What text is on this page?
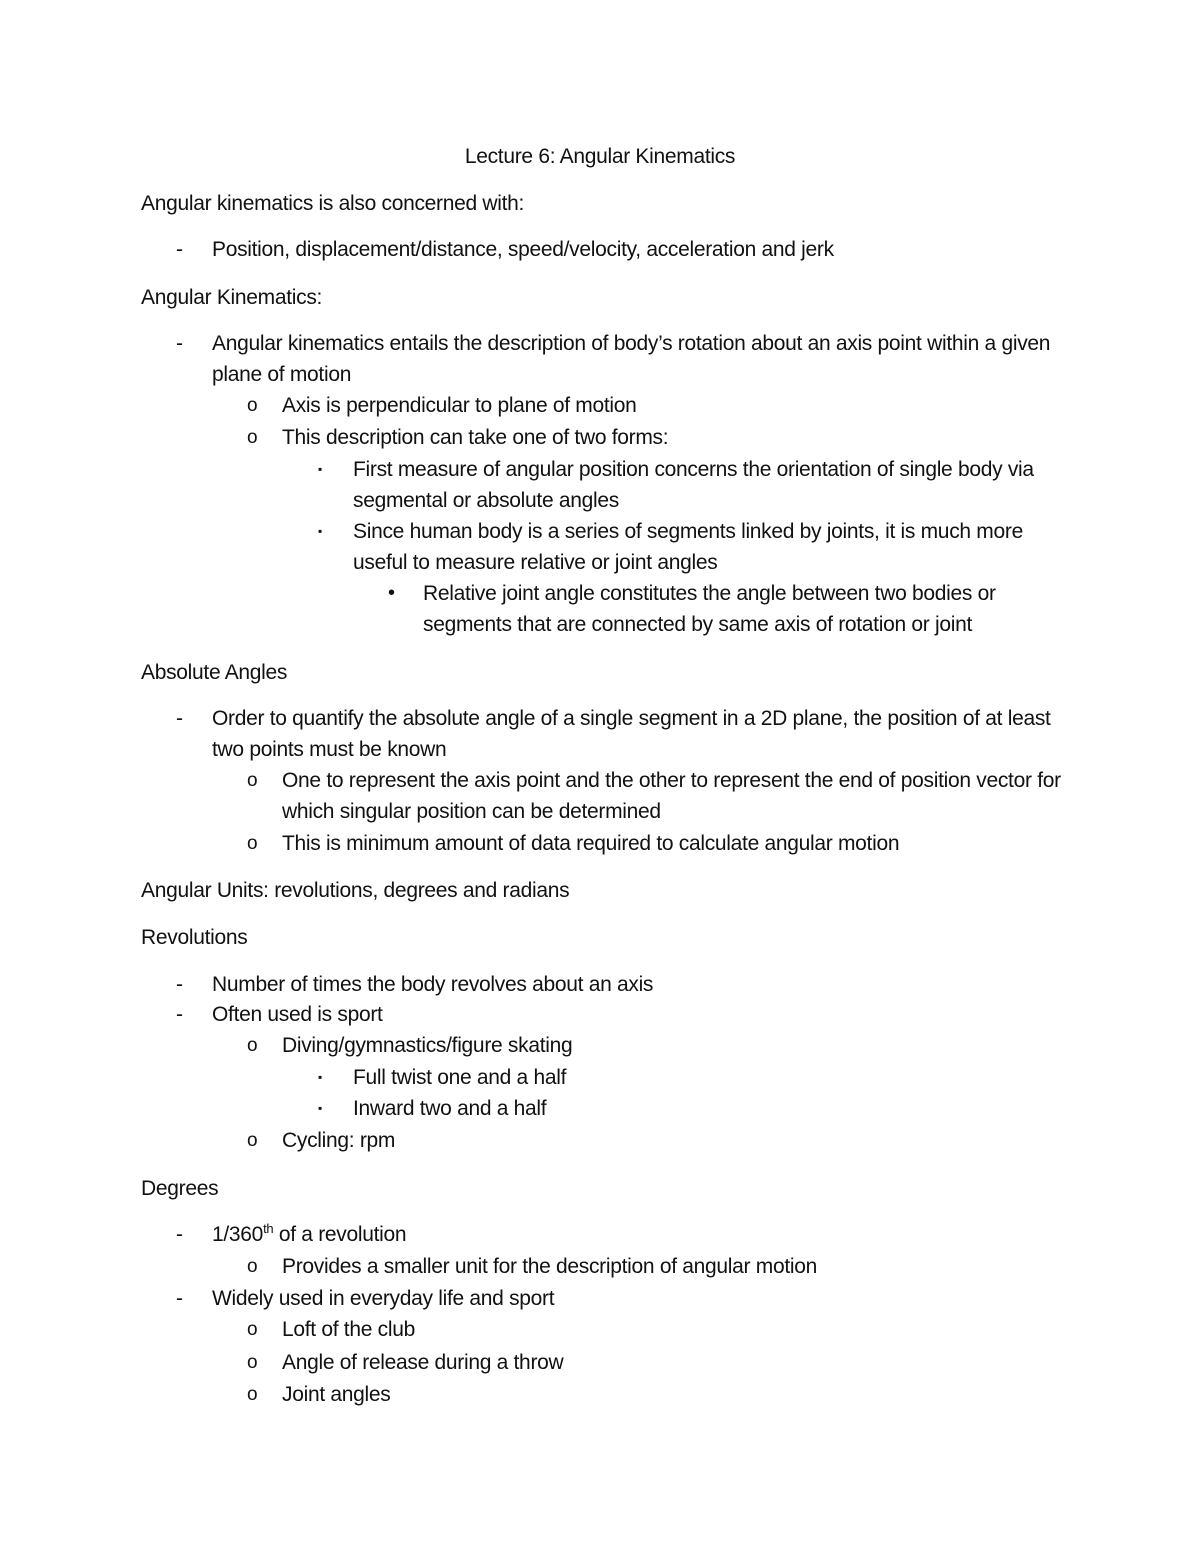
Lecture 6: Angular Kinematics
Angular kinematics is also concerned with:
- Position, displacement/distance, speed/velocity, acceleration and jerk
Angular Kinematics:
- Angular kinematics entails the description of body’s rotation about an axis point within a given plane of motion
o Axis is perpendicular to plane of motion
o This description can take one of two forms:
▪ First measure of angular position concerns the orientation of single body via segmental or absolute angles
▪ Since human body is a series of segments linked by joints, it is much more useful to measure relative or joint angles
• Relative joint angle constitutes the angle between two bodies or segments that are connected by same axis of rotation or joint
Absolute Angles
- Order to quantify the absolute angle of a single segment in a 2D plane, the position of at least two points must be known
o One to represent the axis point and the other to represent the end of position vector for which singular position can be determined
o This is minimum amount of data required to calculate angular motion
Angular Units: revolutions, degrees and radians
Revolutions
- Number of times the body revolves about an axis
- Often used is sport
o Diving/gymnastics/figure skating
▪ Full twist one and a half
▪ Inward two and a half
o Cycling: rpm
Degrees
- 1/360th of a revolution
o Provides a smaller unit for the description of angular motion
- Widely used in everyday life and sport
o Loft of the club
o Angle of release during a throw
o Joint angles
